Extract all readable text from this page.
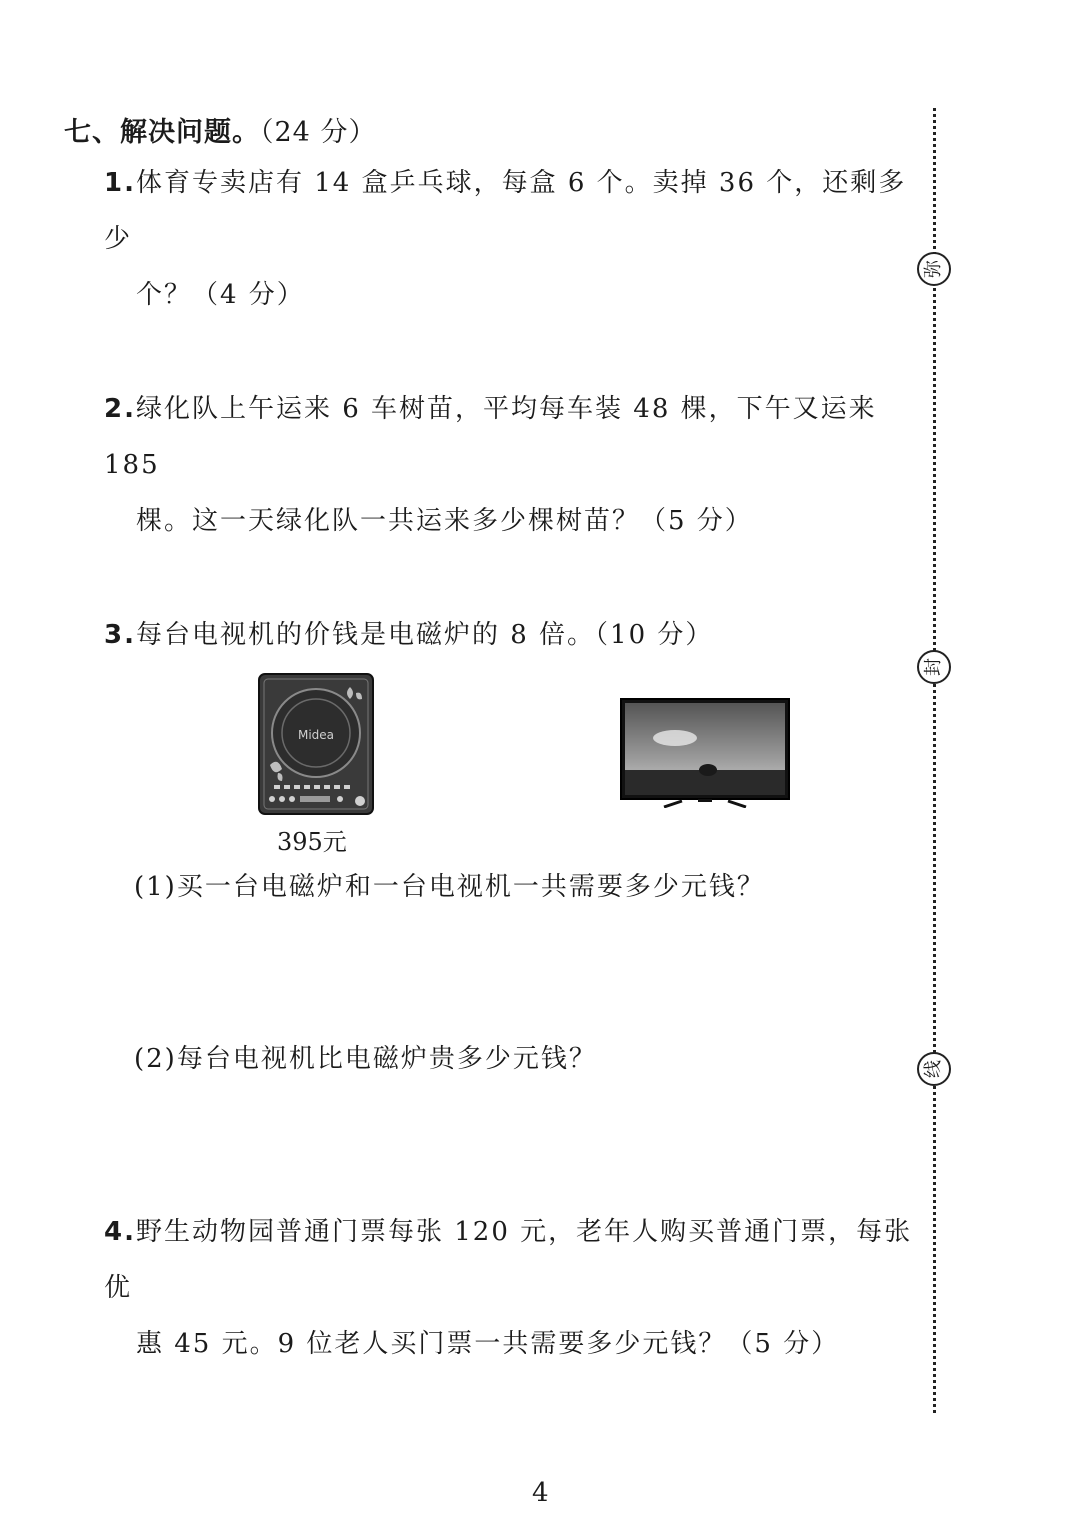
七、解决问题。（24 分）
1.体育专卖店有 14 盒乒乓球，每盒 6 个。卖掉 36 个，还剩多少
个？（4 分）
2.绿化队上午运来 6 车树苗，平均每车装 48 棵，下午又运来 185
棵。这一天绿化队一共运来多少棵树苗？（5 分）
3.每台电视机的价钱是电磁炉的 8 倍。（10 分）
Midea
395元
(1)买一台电磁炉和一台电视机一共需要多少元钱？
(2)每台电视机比电磁炉贵多少元钱？
4.野生动物园普通门票每张 120 元，老年人购买普通门票，每张优
惠 45 元。9 位老人买门票一共需要多少元钱？（5 分）
弥
封
线
4
